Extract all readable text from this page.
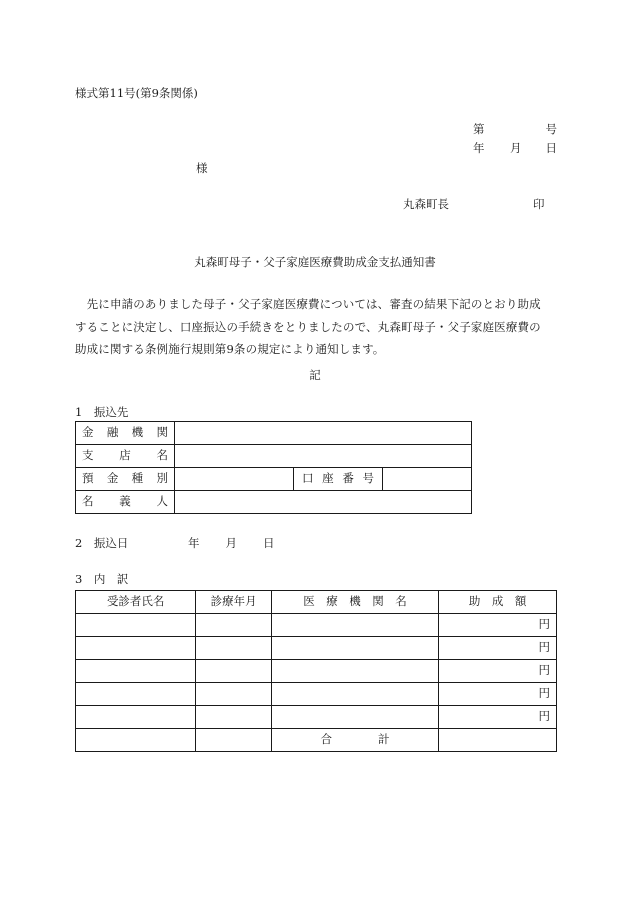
様式第11号(第9条関係)
第	号
年 月 日
様
丸森町長	印
丸森町母子・父子家庭医療費助成金支払通知書
　先に申請のありました母子・父子家庭医療費については、審査の結果下記のとおり助成
することに決定し、口座振込の手続きをとりましたので、丸森町母子・父子家庭医療費の
助成に関する条例施行規則第9条の規定により通知します。
記
1　振込先
金融機関			
支店名			
預金種別		口座番号	
名義人			
2　振込日	年 月 日
3　内　訳
受診者氏名	診療年月	医　療　機　関　名	助　成　額
			円
			円
			円
			円
			円
		合　　　　計	
